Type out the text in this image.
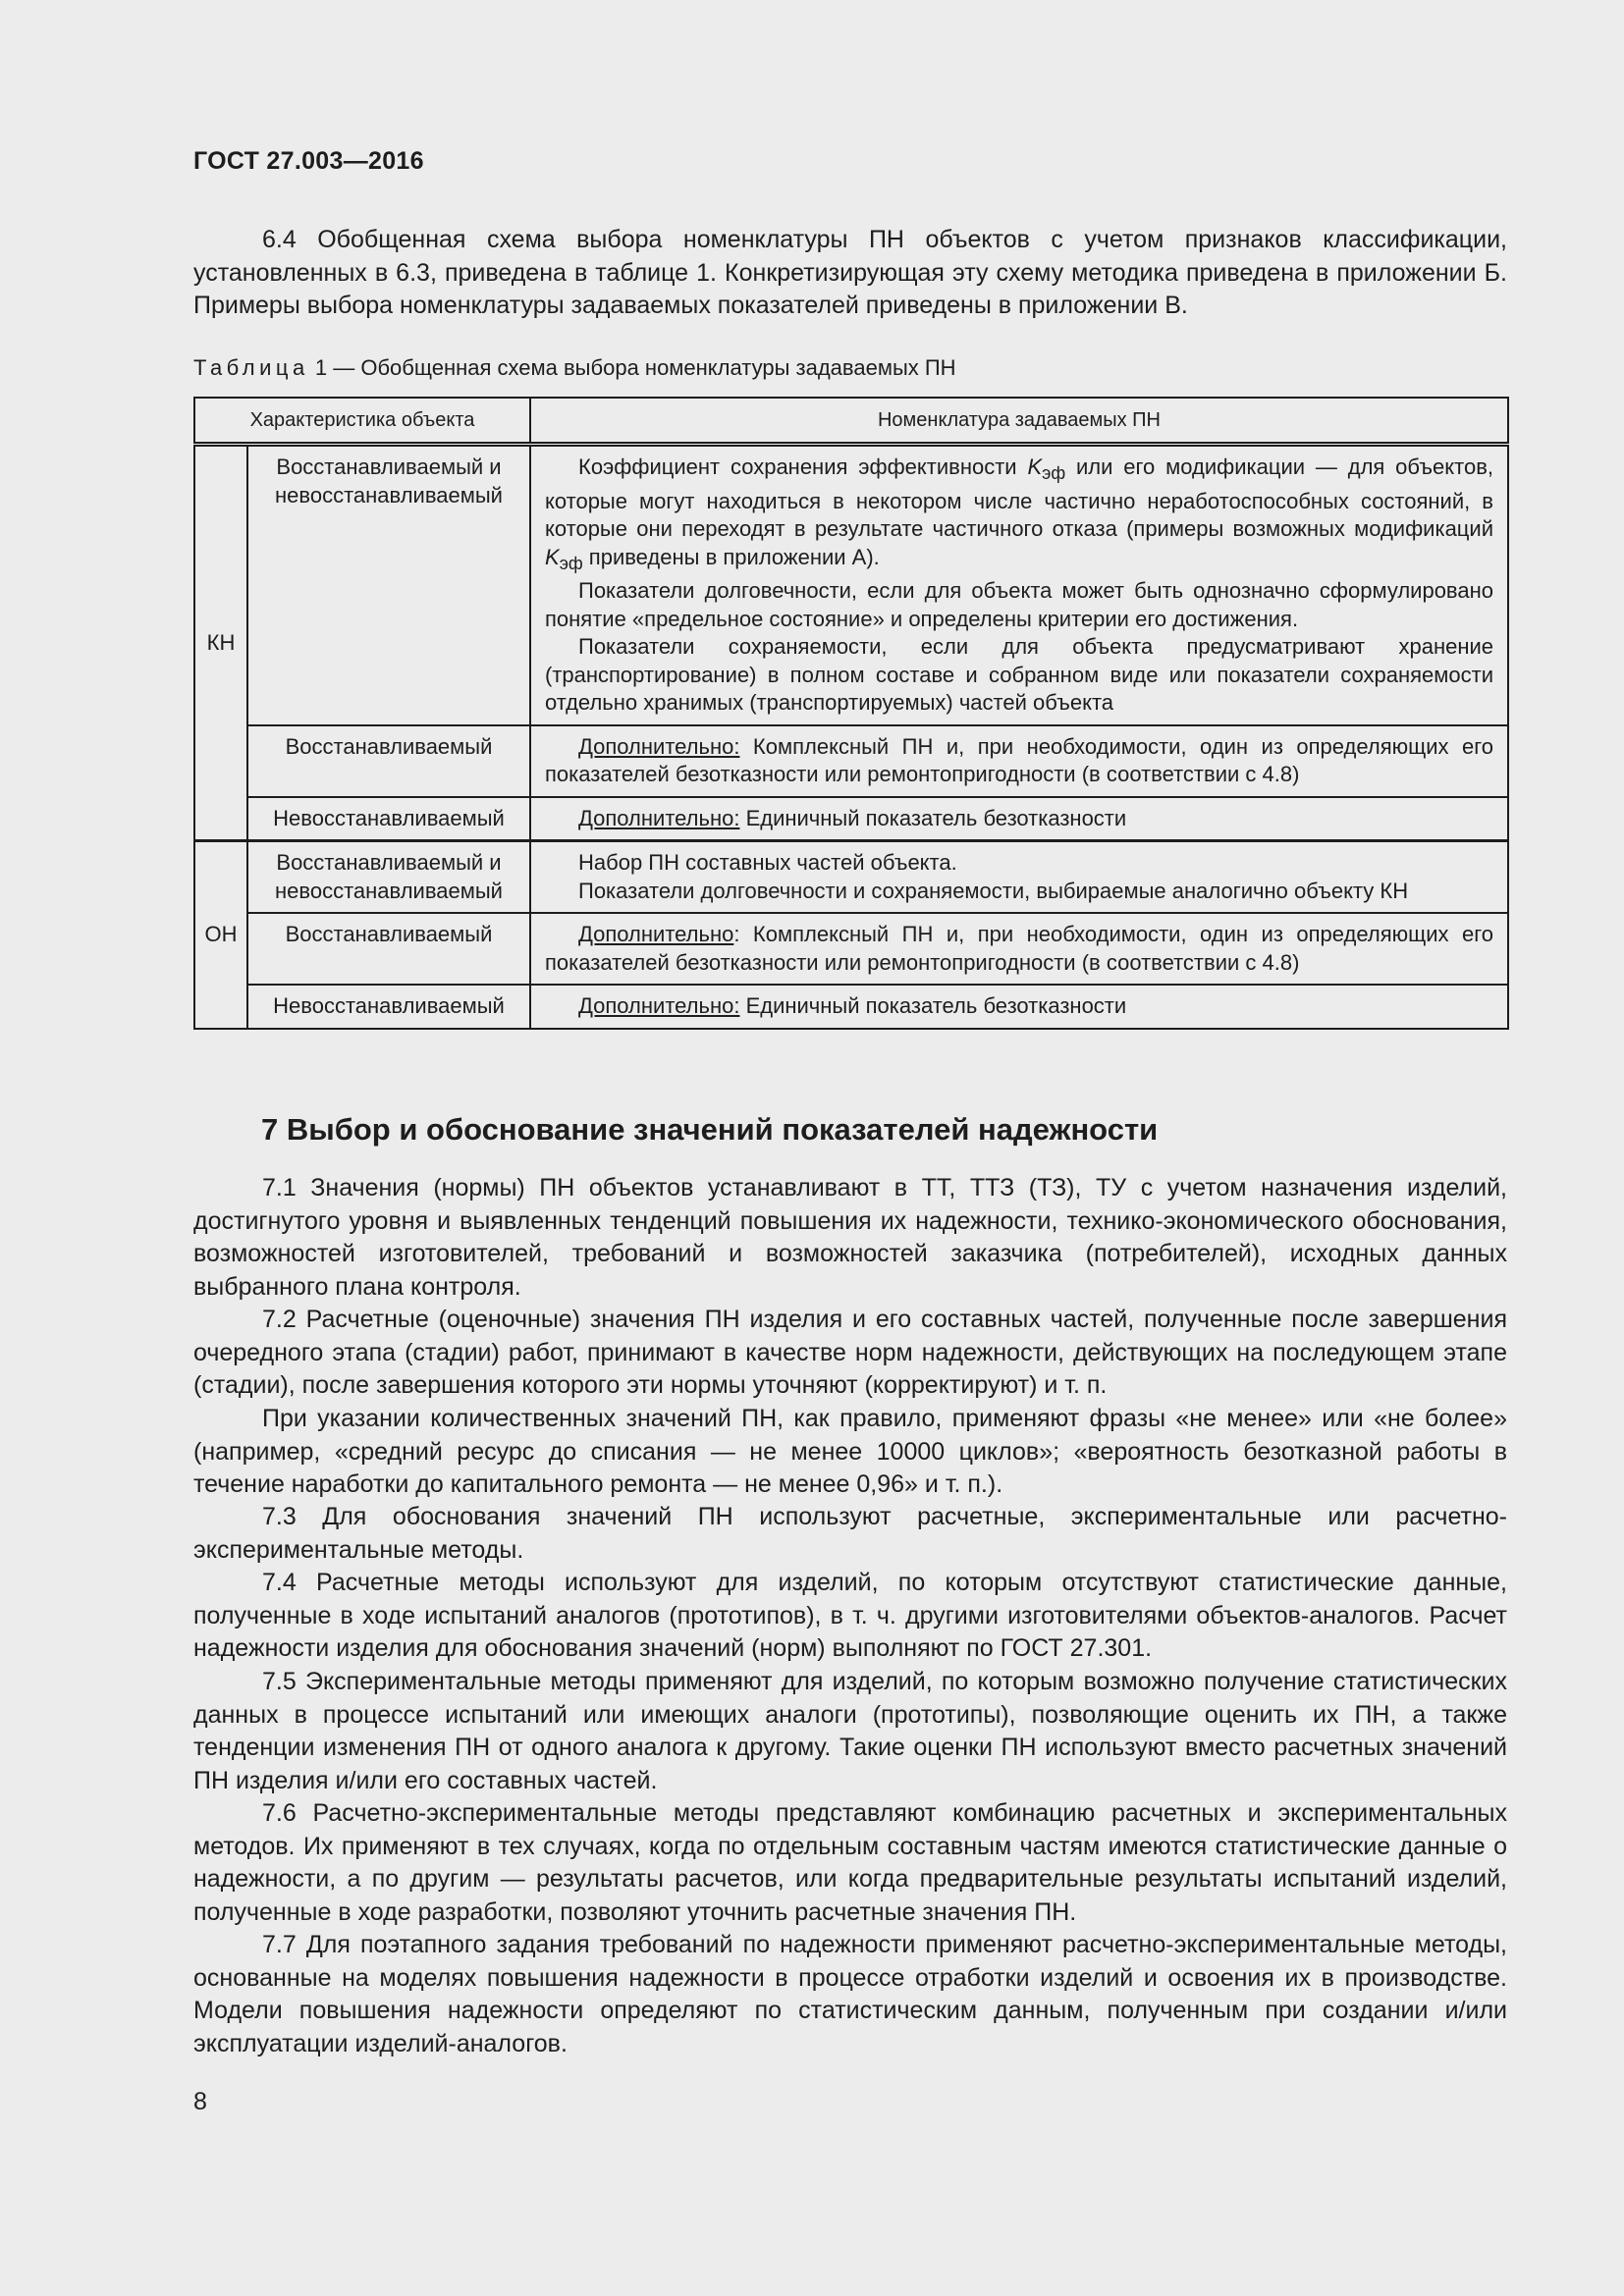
ГОСТ 27.003—2016
6.4 Обобщенная схема выбора номенклатуры ПН объектов с учетом признаков классификации, установленных в 6.3, приведена в таблице 1. Конкретизирующая эту схему методика приведена в приложении Б. Примеры выбора номенклатуры задаваемых показателей приведены в приложении В.
Таблица 1 — Обобщенная схема выбора номенклатуры задаваемых ПН
Характеристика объекта		Номенклатура задаваемых ПН
КН	Восстанавливаемый и невосстанавливаемый	Коэффициент сохранения эффективности $K_{эф}$ или его модификации — для объектов, которые могут находиться в некотором числе частично неработоспособных состояний, в которые они переходят в результате частичного отказа (примеры возможных модификаций $K_{эф}$ приведены в приложении А).
Показатели долговечности, если для объекта может быть однозначно сформулировано понятие «предельное состояние» и определены критерии его достижения.
Показатели сохраняемости, если для объекта предусматривают хранение (транспортирование) в полном составе и собранном виде или показатели сохраняемости отдельно хранимых (транспортируемых) частей объекта

	Восстанавливаемый	Дополнительно: Комплексный ПН и, при необходимости, один из определяющих его показателей безотказности или ремонтопригодности (в соответствии с 4.8)

	Невосстанавливаемый	Дополнительно: Единичный показатель безотказности

ОН	Восстанавливаемый и невосстанавливаемый	Набор ПН составных частей объекта.
Показатели долговечности и сохраняемости, выбираемые аналогично объекту КН

	Восстанавливаемый	Дополнительно: Комплексный ПН и, при необходимости, один из определяющих его показателей безотказности или ремонтопригодности (в соответствии с 4.8)

	Невосстанавливаемый	Дополнительно: Единичный показатель безотказности
7 Выбор и обоснование значений показателей надежности
7.1 Значения (нормы) ПН объектов устанавливают в ТТ, ТТЗ (ТЗ), ТУ с учетом назначения изделий, достигнутого уровня и выявленных тенденций повышения их надежности, технико-экономического обоснования, возможностей изготовителей, требований и возможностей заказчика (потребителей), исходных данных выбранного плана контроля.
7.2 Расчетные (оценочные) значения ПН изделия и его составных частей, полученные после завершения очередного этапа (стадии) работ, принимают в качестве норм надежности, действующих на последующем этапе (стадии), после завершения которого эти нормы уточняют (корректируют) и т. п.
При указании количественных значений ПН, как правило, применяют фразы «не менее» или «не более» (например, «средний ресурс до списания — не менее 10000 циклов»; «вероятность безотказной работы в течение наработки до капитального ремонта — не менее 0,96» и т. п.).
7.3 Для обоснования значений ПН используют расчетные, экспериментальные или расчетно-экспериментальные методы.
7.4 Расчетные методы используют для изделий, по которым отсутствуют статистические данные, полученные в ходе испытаний аналогов (прототипов), в т. ч. другими изготовителями объектов-аналогов. Расчет надежности изделия для обоснования значений (норм) выполняют по ГОСТ 27.301.
7.5 Экспериментальные методы применяют для изделий, по которым возможно получение статистических данных в процессе испытаний или имеющих аналоги (прототипы), позволяющие оценить их ПН, а также тенденции изменения ПН от одного аналога к другому. Такие оценки ПН используют вместо расчетных значений ПН изделия и/или его составных частей.
7.6 Расчетно-экспериментальные методы представляют комбинацию расчетных и экспериментальных методов. Их применяют в тех случаях, когда по отдельным составным частям имеются статистические данные о надежности, а по другим — результаты расчетов, или когда предварительные результаты испытаний изделий, полученные в ходе разработки, позволяют уточнить расчетные значения ПН.
7.7 Для поэтапного задания требований по надежности применяют расчетно-экспериментальные методы, основанные на моделях повышения надежности в процессе отработки изделий и освоения их в производстве. Модели повышения надежности определяют по статистическим данным, полученным при создании и/или эксплуатации изделий-аналогов.
8
